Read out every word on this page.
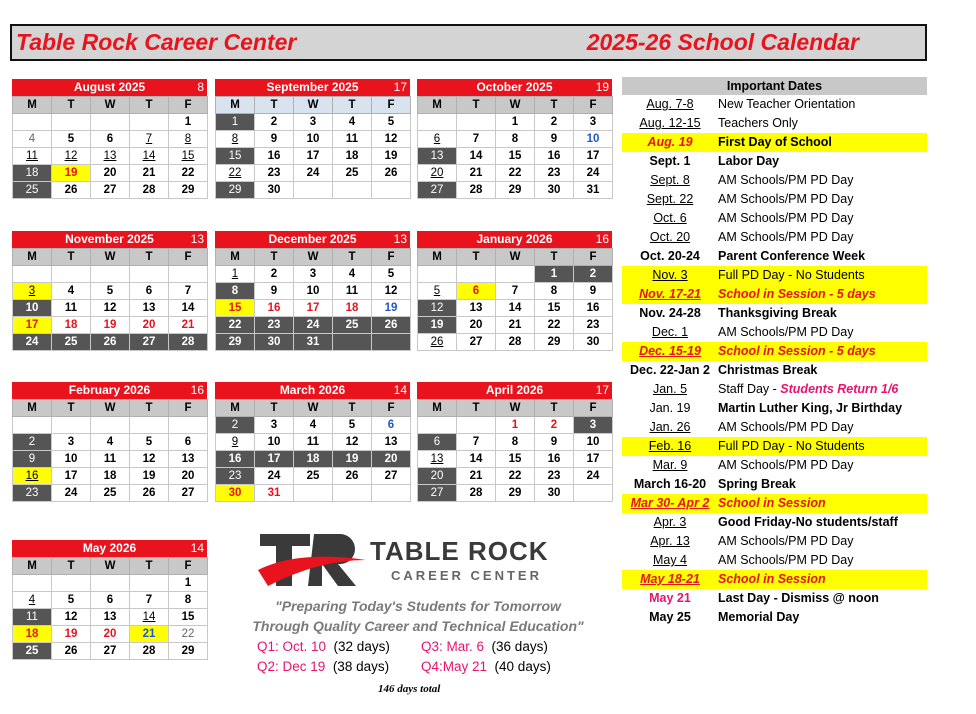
Table Rock Career Center	2025-26 School Calendar
August 2025	8
M	T	W	T	F
				1
4	5	6	7	8
11	12	13	14	15
18	19	20	21	22
25	26	27	28	29
September 2025	17
M	T	W	T	F
1	2	3	4	5
8	9	10	11	12
15	16	17	18	19
22	23	24	25	26
29	30			
October 2025	19
M	T	W	T	F
		1	2	3
6	7	8	9	10
13	14	15	16	17
20	21	22	23	24
27	28	29	30	31
November 2025	13
M	T	W	T	F

3	4	5	6	7
10	11	12	13	14
17	18	19	20	21
24	25	26	27	28
December 2025	13
M	T	W	T	F
1	2	3	4	5
8	9	10	11	12
15	16	17	18	19
22	23	24	25	26
29	30	31		
January 2026	16
M	T	W	T	F
			1	2
5	6	7	8	9
12	13	14	15	16
19	20	21	22	23
26	27	28	29	30
February 2026	16
M	T	W	T	F

2	3	4	5	6
9	10	11	12	13
16	17	18	19	20
23	24	25	26	27
March 2026	14
M	T	W	T	F
2	3	4	5	6
9	10	11	12	13
16	17	18	19	20
23	24	25	26	27
30	31			
April 2026	17
M	T	W	T	F
		1	2	3
6	7	8	9	10
13	14	15	16	17
20	21	22	23	24
27	28	29	30	
May 2026	14
M	T	W	T	F
				1
4	5	6	7	8
11	12	13	14	15
18	19	20	21	22
25	26	27	28	29
Important Dates
Aug. 7-8	New Teacher Orientation
Aug. 12-15	Teachers Only
Aug. 19	First Day of School
Sept. 1	Labor Day
Sept. 8	AM Schools/PM PD Day
Sept. 22	AM Schools/PM PD Day
Oct. 6	AM Schools/PM PD Day
Oct. 20	AM Schools/PM PD Day
Oct. 20-24	Parent Conference Week
Nov. 3	Full PD Day - No Students
Nov. 17-21	School in Session - 5 days
Nov. 24-28	Thanksgiving Break
Dec. 1	AM Schools/PM PD Day
Dec. 15-19	School in Session - 5 days
Dec. 22-Jan 2 Christmas Break
Jan. 5	Staff Day - Students Return 1/6
Jan. 19	Martin Luther King, Jr Birthday
Jan. 26	AM Schools/PM PD Day
Feb. 16	Full PD Day - No Students
Mar. 9	AM Schools/PM PD Day
March 16-20 Spring Break
Mar 30- Apr 2 School in Session
Apr. 3	Good Friday-No students/staff
Apr. 13	AM Schools/PM PD Day
May 4	AM Schools/PM PD Day
May 18-21	School in Session
May 21	Last Day - Dismiss @ noon
May 25	Memorial Day
TABLE ROCK
CAREER CENTER
"Preparing Today's Students for Tomorrow
Through Quality Career and Technical Education"
Q1: Oct. 10 (32 days) Q3: Mar. 6 (36 days)
Q2: Dec 19 (38 days) Q4:May 21 (40 days)
146 days total
